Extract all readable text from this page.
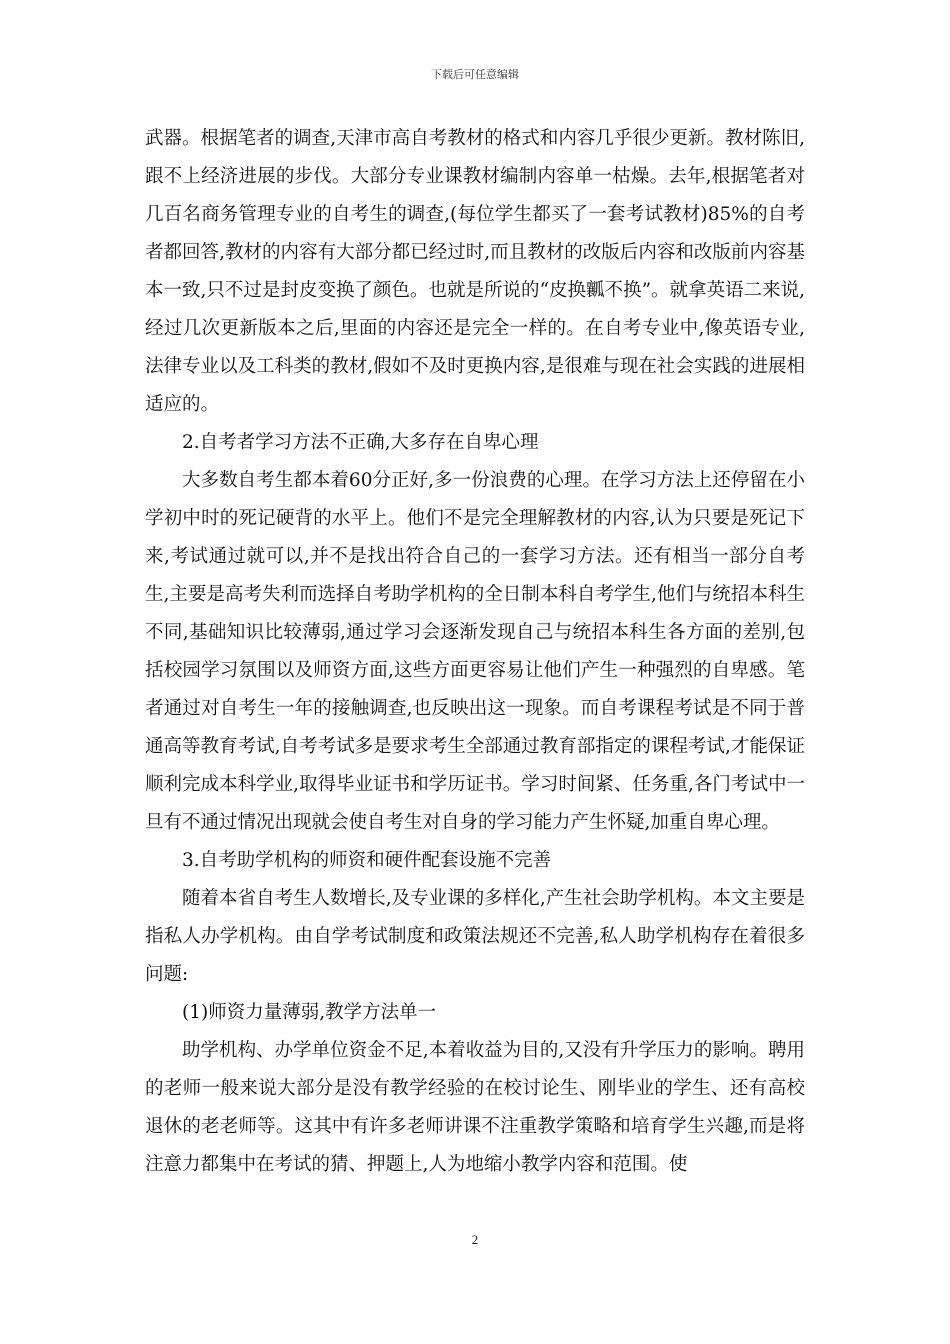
下载后可任意编辑

武器。根据笔者的调查,天津市高自考教材的格式和内容几乎很少更新。教材陈旧,跟不上经济进展的步伐。大部分专业课教材编制内容单一枯燥。去年,根据笔者对几百名商务管理专业的自考生的调查,(每位学生都买了一套考试教材)85%的自考者都回答,教材的内容有大部分都已经过时,而且教材的改版后内容和改版前内容基本一致,只不过是封皮变换了颜色。也就是所说的“皮换瓤不换”。就拿英语二来说,经过几次更新版本之后,里面的内容还是完全一样的。在自考专业中,像英语专业,法律专业以及工科类的教材,假如不及时更换内容,是很难与现在社会实践的进展相适应的。

2.自考者学习方法不正确,大多存在自卑心理

大多数自考生都本着60分正好,多一份浪费的心理。在学习方法上还停留在小学初中时的死记硬背的水平上。他们不是完全理解教材的内容,认为只要是死记下来,考试通过就可以,并不是找出符合自己的一套学习方法。还有相当一部分自考生,主要是高考失利而选择自考助学机构的全日制本科自考学生,他们与统招本科生不同,基础知识比较薄弱,通过学习会逐渐发现自己与统招本科生各方面的差别,包括校园学习氛围以及师资方面,这些方面更容易让他们产生一种强烈的自卑感。笔者通过对自考生一年的接触调查,也反映出这一现象。而自考课程考试是不同于普通高等教育考试,自考考试多是要求考生全部通过教育部指定的课程考试,才能保证顺利完成本科学业,取得毕业证书和学历证书。学习时间紧、任务重,各门考试中一旦有不通过情况出现就会使自考生对自身的学习能力产生怀疑,加重自卑心理。

3.自考助学机构的师资和硬件配套设施不完善

随着本省自考生人数增长,及专业课的多样化,产生社会助学机构。本文主要是指私人办学机构。由自学考试制度和政策法规还不完善,私人助学机构存在着很多问题:

(1)师资力量薄弱,教学方法单一

助学机构、办学单位资金不足,本着收益为目的,又没有升学压力的影响。聘用的老师一般来说大部分是没有教学经验的在校讨论生、刚毕业的学生、还有高校退休的老老师等。这其中有许多老师讲课不注重教学策略和培育学生兴趣,而是将注意力都集中在考试的猜、押题上,人为地缩小教学内容和范围。使

2
